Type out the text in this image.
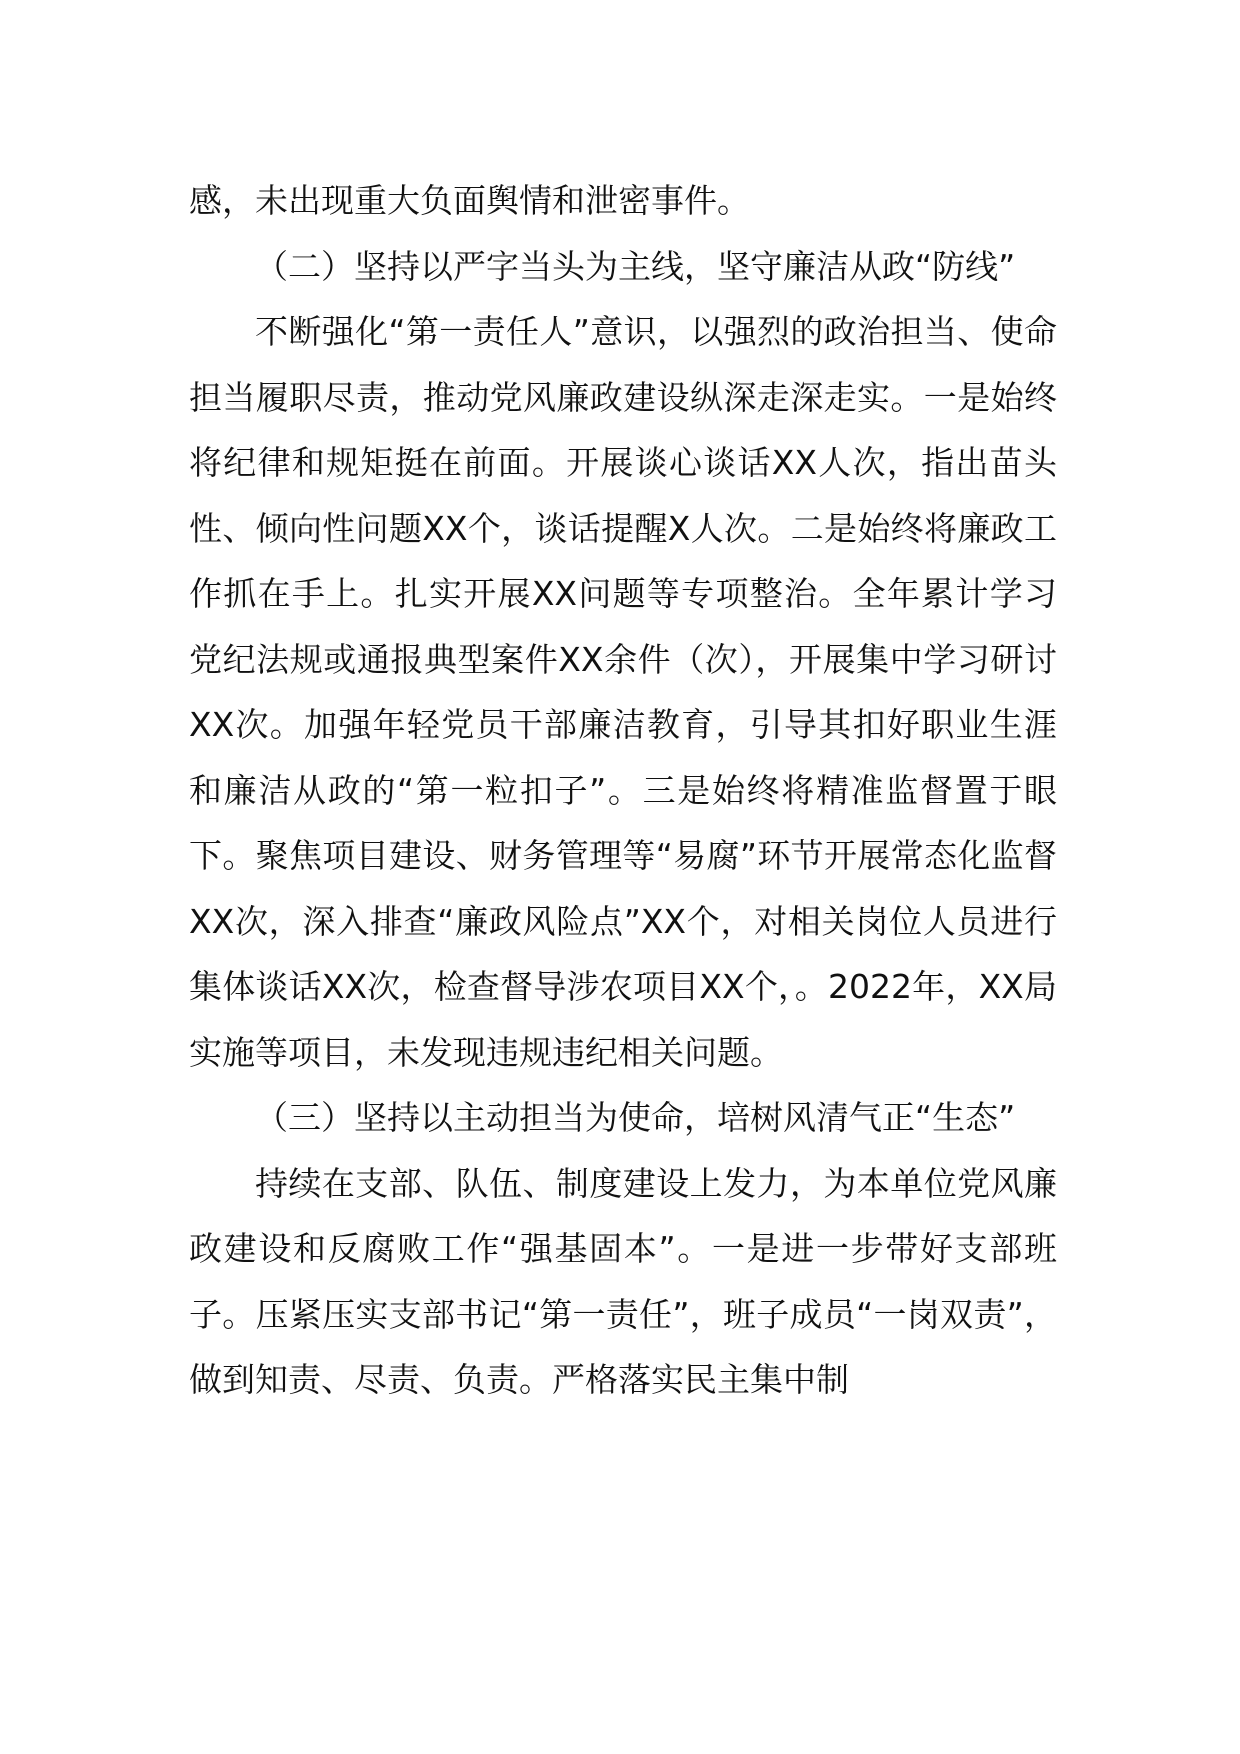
感，未出现重大负面舆情和泄密事件。

（二）坚持以严字当头为主线，坚守廉洁从政“防线”

不断强化“第一责任人”意识，以强烈的政治担当、使命担当履职尽责，推动党风廉政建设纵深走深走实。一是始终将纪律和规矩挺在前面。开展谈心谈话XX人次，指出苗头性、倾向性问题XX个，谈话提醒X人次。二是始终将廉政工作抓在手上。扎实开展XX问题等专项整治。全年累计学习党纪法规或通报典型案件XX余件（次），开展集中学习研讨XX次。加强年轻党员干部廉洁教育，引导其扣好职业生涯和廉洁从政的“第一粒扣子”。三是始终将精准监督置于眼下。聚焦项目建设、财务管理等“易腐”环节开展常态化监督XX次，深入排查“廉政风险点”XX个，对相关岗位人员进行集体谈话XX次，检查督导涉农项目XX个，。2022年，XX局实施等项目，未发现违规违纪相关问题。

（三）坚持以主动担当为使命，培树风清气正“生态”

持续在支部、队伍、制度建设上发力，为本单位党风廉政建设和反腐败工作“强基固本”。一是进一步带好支部班子。压紧压实支部书记“第一责任”，班子成员“一岗双责”，做到知责、尽责、负责。严格落实民主集中制
